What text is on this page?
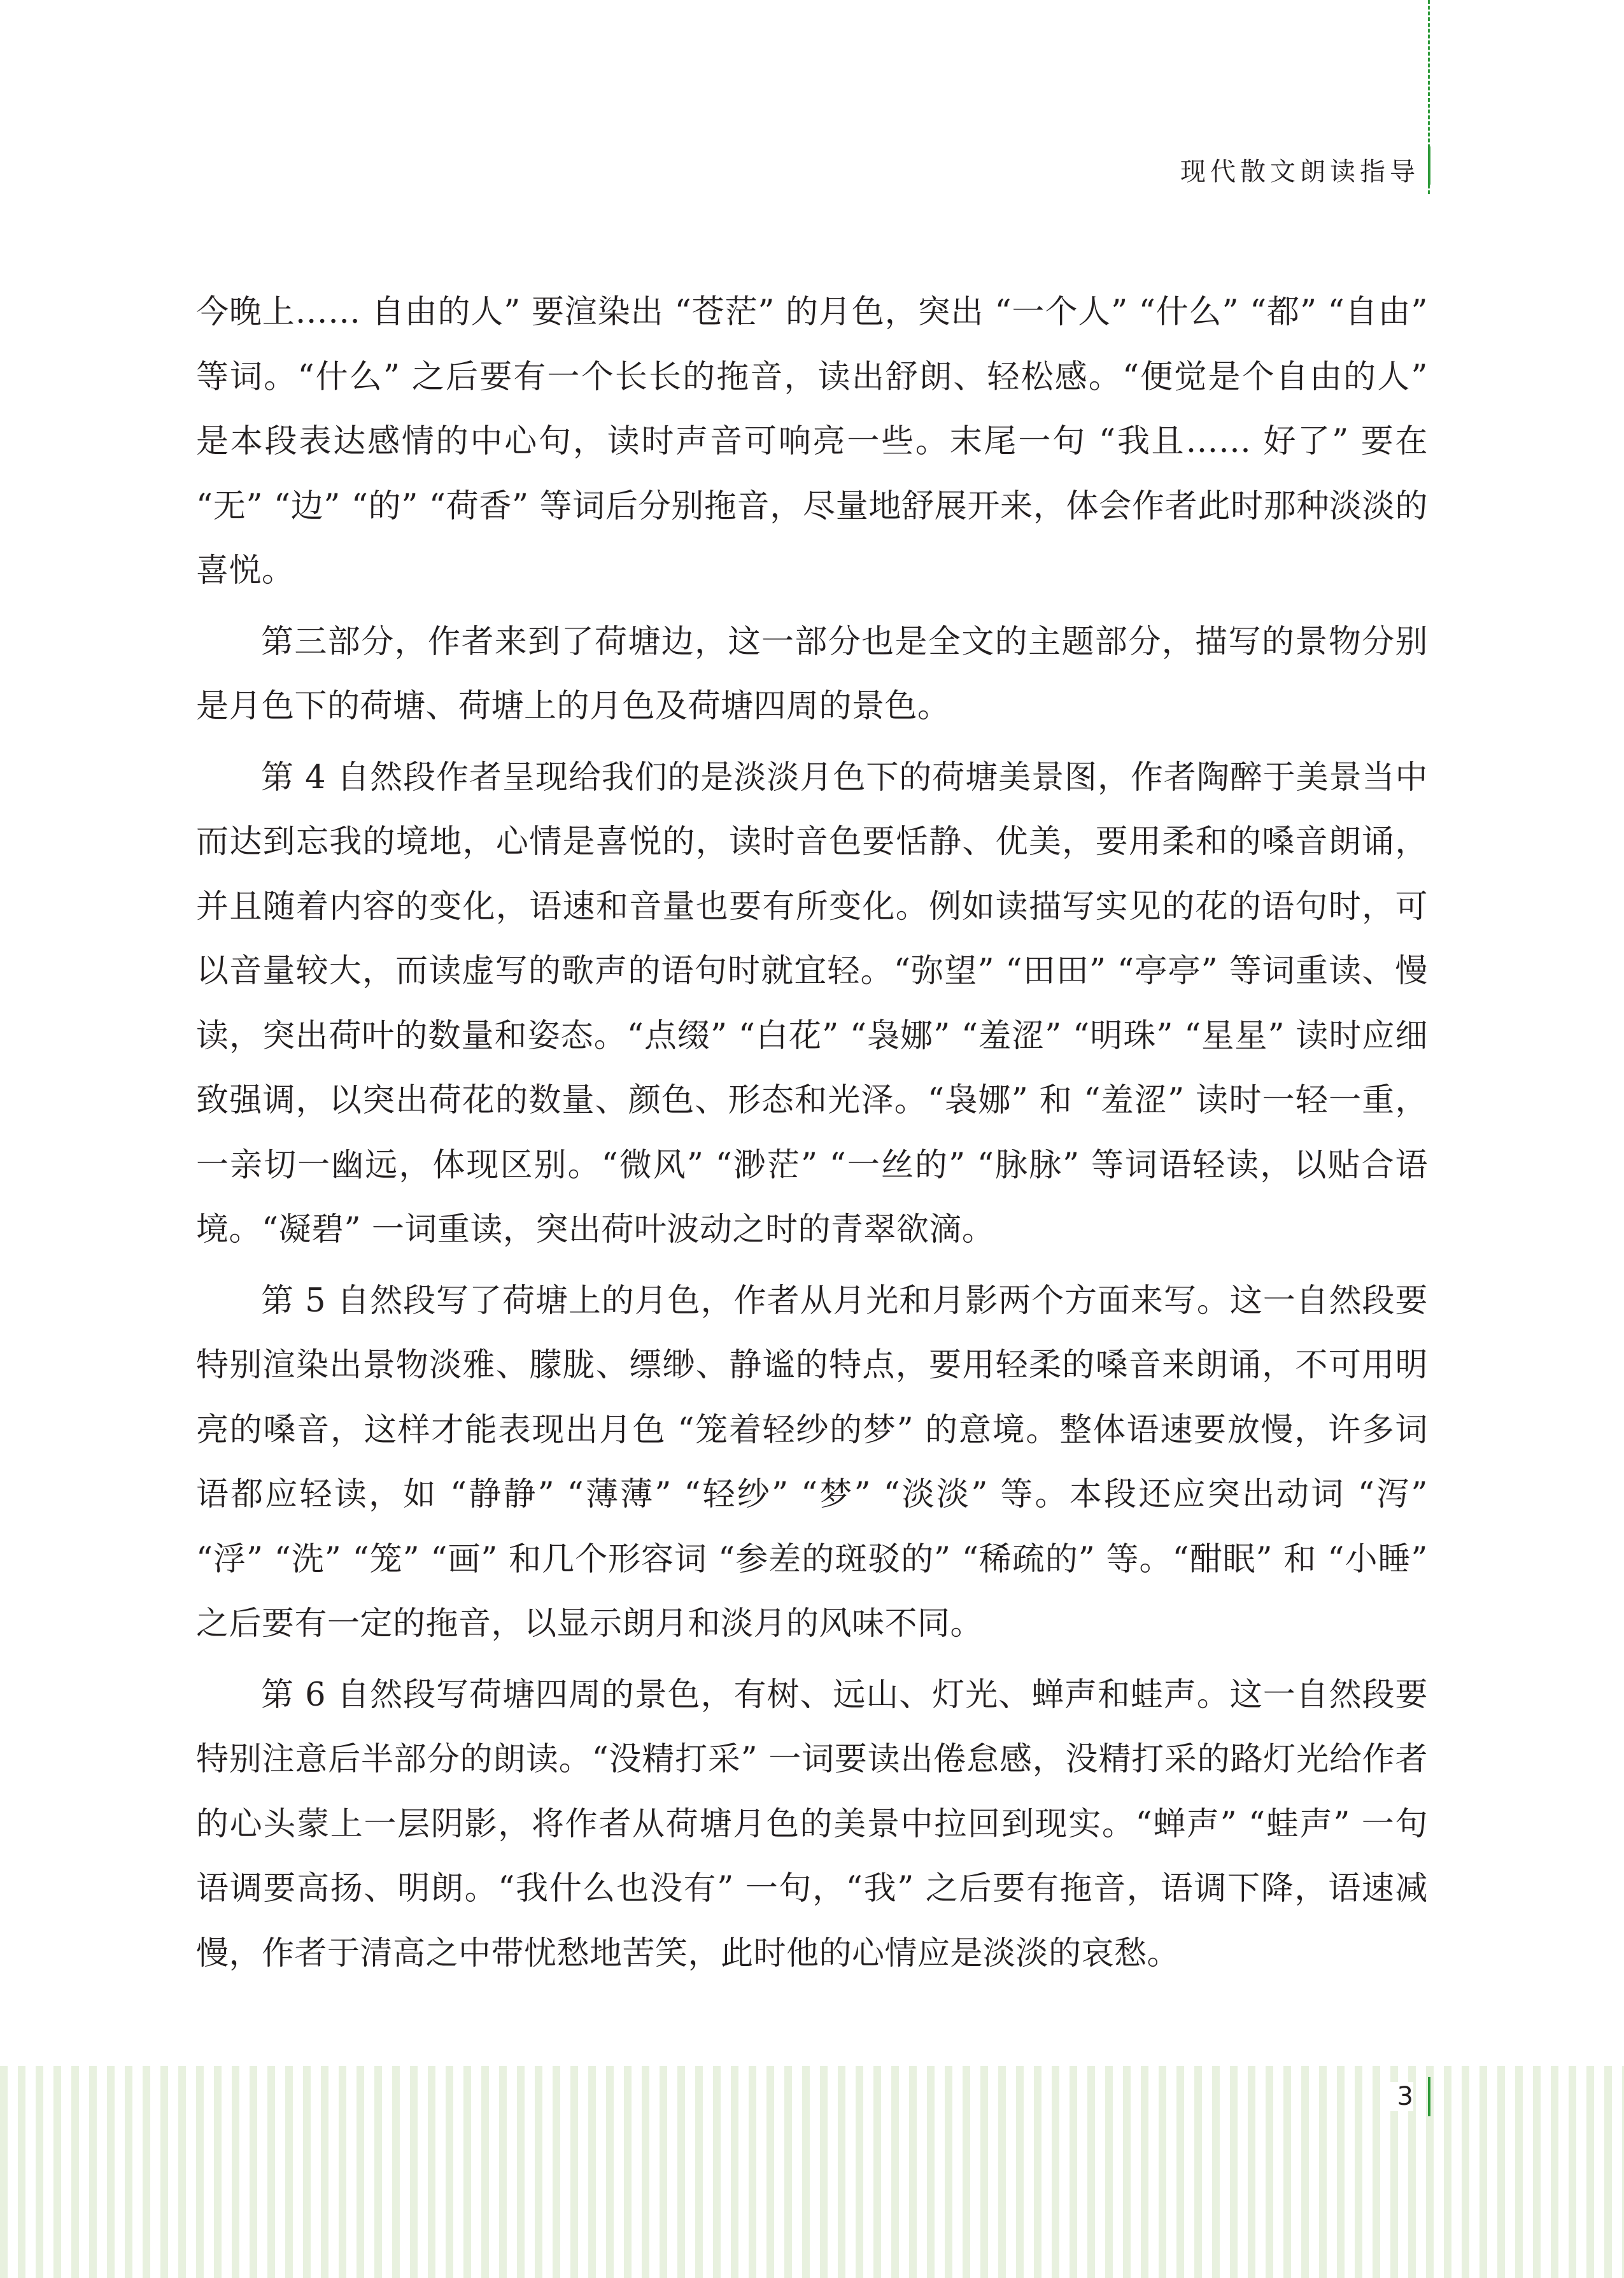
现代散文朗读指导

今晚上…… 自由的人” 要渲染出 “苍茫” 的月色，突出 “一个人” “什么” “都” “自由” 等词。“什么” 之后要有一个长长的拖音，读出舒朗、轻松感。“便觉是个自由的人” 是本段表达感情的中心句，读时声音可响亮一些。末尾一句 “我且…… 好了” 要在 “无” “边” “的” “荷香” 等词后分别拖音，尽量地舒展开来，体会作者此时那种淡淡的喜悦。

第三部分，作者来到了荷塘边，这一部分也是全文的主题部分，描写的景物分别是月色下的荷塘、荷塘上的月色及荷塘四周的景色。

第 4 自然段作者呈现给我们的是淡淡月色下的荷塘美景图，作者陶醉于美景当中而达到忘我的境地，心情是喜悦的，读时音色要恬静、优美，要用柔和的嗓音朗诵，并且随着内容的变化，语速和音量也要有所变化。例如读描写实见的花的语句时，可以音量较大，而读虚写的歌声的语句时就宜轻。“弥望” “田田” “亭亭” 等词重读、慢读，突出荷叶的数量和姿态。“点缀” “白花” “袅娜” “羞涩” “明珠” “星星” 读时应细致强调，以突出荷花的数量、颜色、形态和光泽。“袅娜” 和 “羞涩” 读时一轻一重，一亲切一幽远，体现区别。“微风” “渺茫” “一丝的” “脉脉” 等词语轻读，以贴合语境。“凝碧” 一词重读，突出荷叶波动之时的青翠欲滴。

第 5 自然段写了荷塘上的月色，作者从月光和月影两个方面来写。这一自然段要特别渲染出景物淡雅、朦胧、缥缈、静谧的特点，要用轻柔的嗓音来朗诵，不可用明亮的嗓音，这样才能表现出月色 “笼着轻纱的梦” 的意境。整体语速要放慢，许多词语都应轻读，如 “静静” “薄薄” “轻纱” “梦” “淡淡” 等。本段还应突出动词 “泻” “浮” “洗” “笼” “画” 和几个形容词 “参差的斑驳的” “稀疏的” 等。“酣眠” 和 “小睡” 之后要有一定的拖音，以显示朗月和淡月的风味不同。

第 6 自然段写荷塘四周的景色，有树、远山、灯光、蝉声和蛙声。这一自然段要特别注意后半部分的朗读。“没精打采” 一词要读出倦怠感，没精打采的路灯光给作者的心头蒙上一层阴影，将作者从荷塘月色的美景中拉回到现实。“蝉声” “蛙声” 一句语调要高扬、明朗。“我什么也没有” 一句，“我” 之后要有拖音，语调下降，语速减慢，作者于清高之中带忧愁地苦笑，此时他的心情应是淡淡的哀愁。

3
